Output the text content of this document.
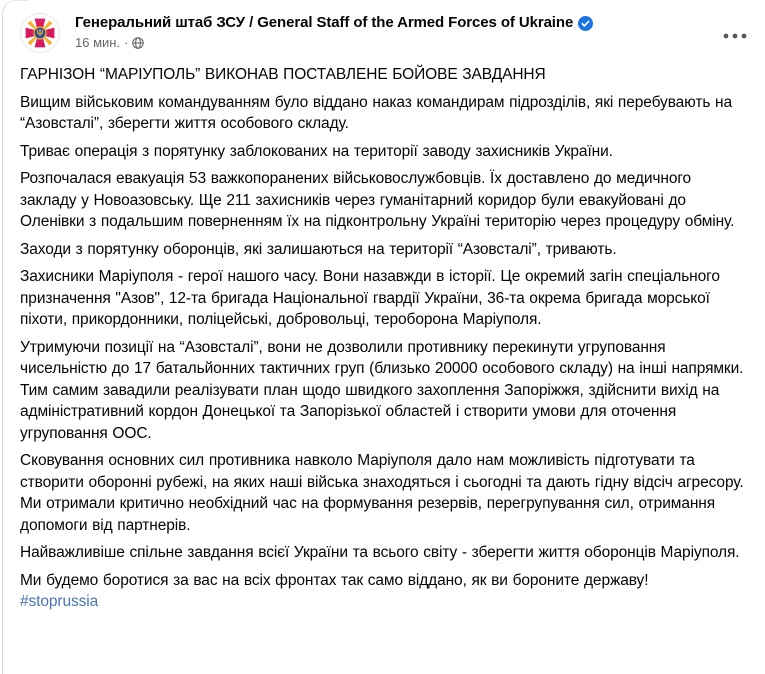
Генеральний штаб ЗСУ / General Staff of the Armed Forces of Ukraine
16 мин. ·

ГАРНІЗОН “МАРІУПОЛЬ” ВИКОНАВ ПОСТАВЛЕНЕ БОЙОВЕ ЗАВДАННЯ

Вищим військовим командуванням було віддано наказ командирам підрозділів, які перебувають на “Азовсталі”, зберегти життя особового складу.

Триває операція з порятунку заблокованих на території заводу захисників України.

Розпочалася евакуація 53 важкопоранених військовослужбовців. Їх доставлено до медичного закладу у Новоазовську. Ще 211 захисників через гуманітарний коридор були евакуйовані до Оленівки з подальшим поверненням їх на підконтрольну Україні територію через процедуру обміну.

Заходи з порятунку оборонців, які залишаються на території “Азовсталі”, тривають.

Захисники Маріуполя - герої нашого часу. Вони назавжди в історії. Це окремий загін спеціального призначення "Азов", 12-та бригада Національної гвардії України, 36-та окрема бригада морської піхоти, прикордонники, поліцейські, добровольці, тероборона Маріуполя.

Утримуючи позиції на “Азовсталі”, вони не дозволили противнику перекинути угруповання чисельністю до 17 батальйонних тактичних груп (близько 20000 особового складу) на інші напрямки. Тим самим завадили реалізувати план щодо швидкого захоплення Запоріжжя, здійснити вихід на адміністративний кордон Донецької та Запорізької областей і створити умови для оточення угруповання ООС.

Сковування основних сил противника навколо Маріуполя дало нам можливість підготувати та створити оборонні рубежі, на яких наші війська знаходяться і сьогодні та дають гідну відсіч агресору. Ми отримали критично необхідний час на формування резервів, перегрупування сил, отримання допомоги від партнерів.

Найважливіше спільне завдання всієї України та всього світу - зберегти життя оборонців Маріуполя.

Ми будемо боротися за вас на всіх фронтах так само віддано, як ви бороните державу!

#stoprussia
